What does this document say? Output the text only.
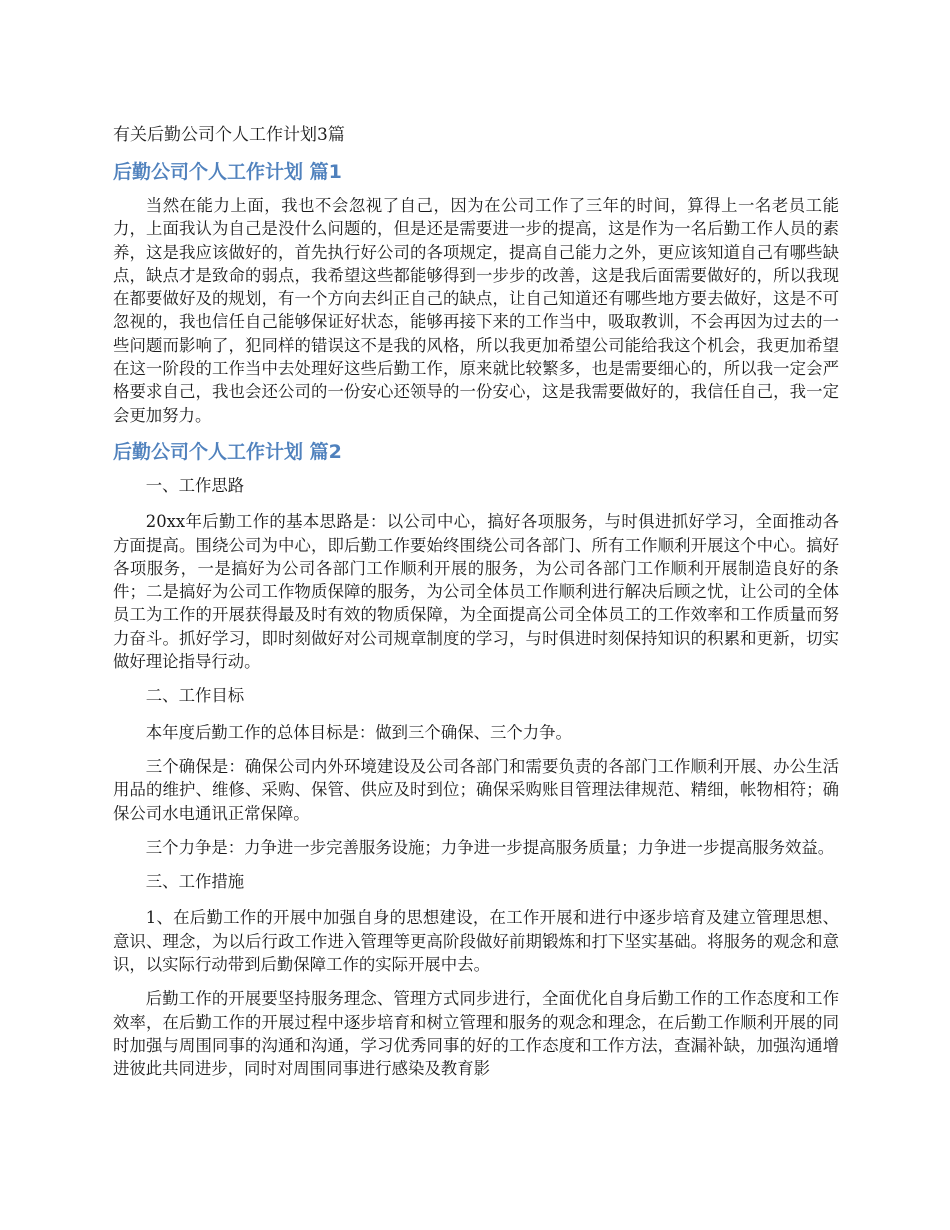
有关后勤公司个人工作计划3篇
后勤公司个人工作计划 篇1

当然在能力上面，我也不会忽视了自己，因为在公司工作了三年的时间，算得上一名老员工能力，上面我认为自己是没什么问题的，但是还是需要进一步的提高，这是作为一名后勤工作人员的素养，这是我应该做好的，首先执行好公司的各项规定，提高自己能力之外，更应该知道自己有哪些缺点，缺点才是致命的弱点，我希望这些都能够得到一步步的改善，这是我后面需要做好的，所以我现在都要做好及的规划，有一个方向去纠正自己的缺点，让自己知道还有哪些地方要去做好，这是不可忽视的，我也信任自己能够保证好状态，能够再接下来的工作当中，吸取教训，不会再因为过去的一些问题而影响了，犯同样的错误这不是我的风格，所以我更加希望公司能给我这个机会，我更加希望在这一阶段的工作当中去处理好这些后勤工作，原来就比较繁多，也是需要细心的，所以我一定会严格要求自己，我也会还公司的一份安心还领导的一份安心，这是我需要做好的，我信任自己，我一定会更加努力。

后勤公司个人工作计划 篇2

一、工作思路

20xx年后勤工作的基本思路是：以公司中心，搞好各项服务，与时俱进抓好学习，全面推动各方面提高。围绕公司为中心，即后勤工作要始终围绕公司各部门、所有工作顺利开展这个中心。搞好各项服务，一是搞好为公司各部门工作顺利开展的服务，为公司各部门工作顺利开展制造良好的条件；二是搞好为公司工作物质保障的服务，为公司全体员工作顺利进行解决后顾之忧，让公司的全体员工为工作的开展获得最及时有效的物质保障，为全面提高公司全体员工的工作效率和工作质量而努力奋斗。抓好学习，即时刻做好对公司规章制度的学习，与时俱进时刻保持知识的积累和更新，切实做好理论指导行动。

二、工作目标

本年度后勤工作的总体目标是：做到三个确保、三个力争。

三个确保是：确保公司内外环境建设及公司各部门和需要负责的各部门工作顺利开展、办公生活用品的维护、维修、采购、保管、供应及时到位；确保采购账目管理法律规范、精细，帐物相符；确保公司水电通讯正常保障。

三个力争是：力争进一步完善服务设施；力争进一步提高服务质量；力争进一步提高服务效益。

三、工作措施

1、在后勤工作的开展中加强自身的思想建设，在工作开展和进行中逐步培育及建立管理思想、意识、理念，为以后行政工作进入管理等更高阶段做好前期锻炼和打下坚实基础。将服务的观念和意识，以实际行动带到后勤保障工作的实际开展中去。

后勤工作的开展要坚持服务理念、管理方式同步进行，全面优化自身后勤工作的工作态度和工作效率，在后勤工作的开展过程中逐步培育和树立管理和服务的观念和理念，在后勤工作顺利开展的同时加强与周围同事的沟通和沟通，学习优秀同事的好的工作态度和工作方法，查漏补缺，加强沟通增进彼此共同进步，同时对周围同事进行感染及教育影
